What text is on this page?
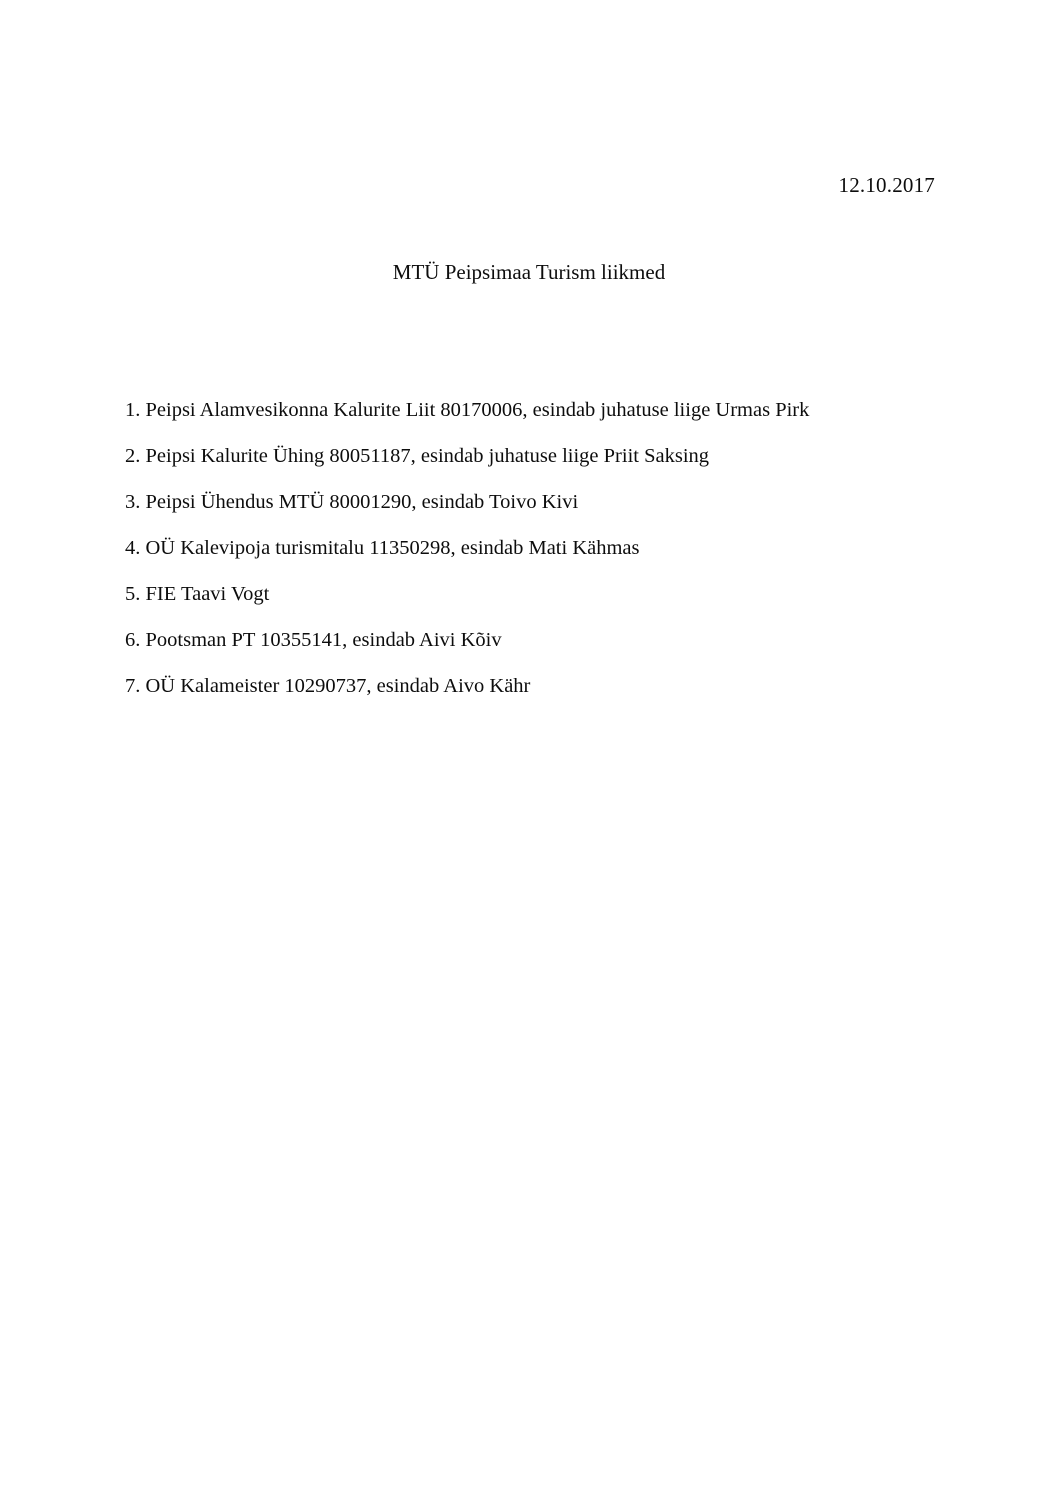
12.10.2017
MTÜ Peipsimaa Turism liikmed
1. Peipsi Alamvesikonna Kalurite Liit 80170006, esindab juhatuse liige Urmas Pirk
2. Peipsi Kalurite Ühing 80051187, esindab juhatuse liige Priit Saksing
3. Peipsi Ühendus MTÜ 80001290, esindab Toivo Kivi
4. OÜ Kalevipoja turismitalu 11350298, esindab Mati Kähmas
5. FIE Taavi Vogt
6. Pootsman PT 10355141, esindab Aivi Kõiv
7. OÜ Kalameister 10290737, esindab Aivo Kähr
